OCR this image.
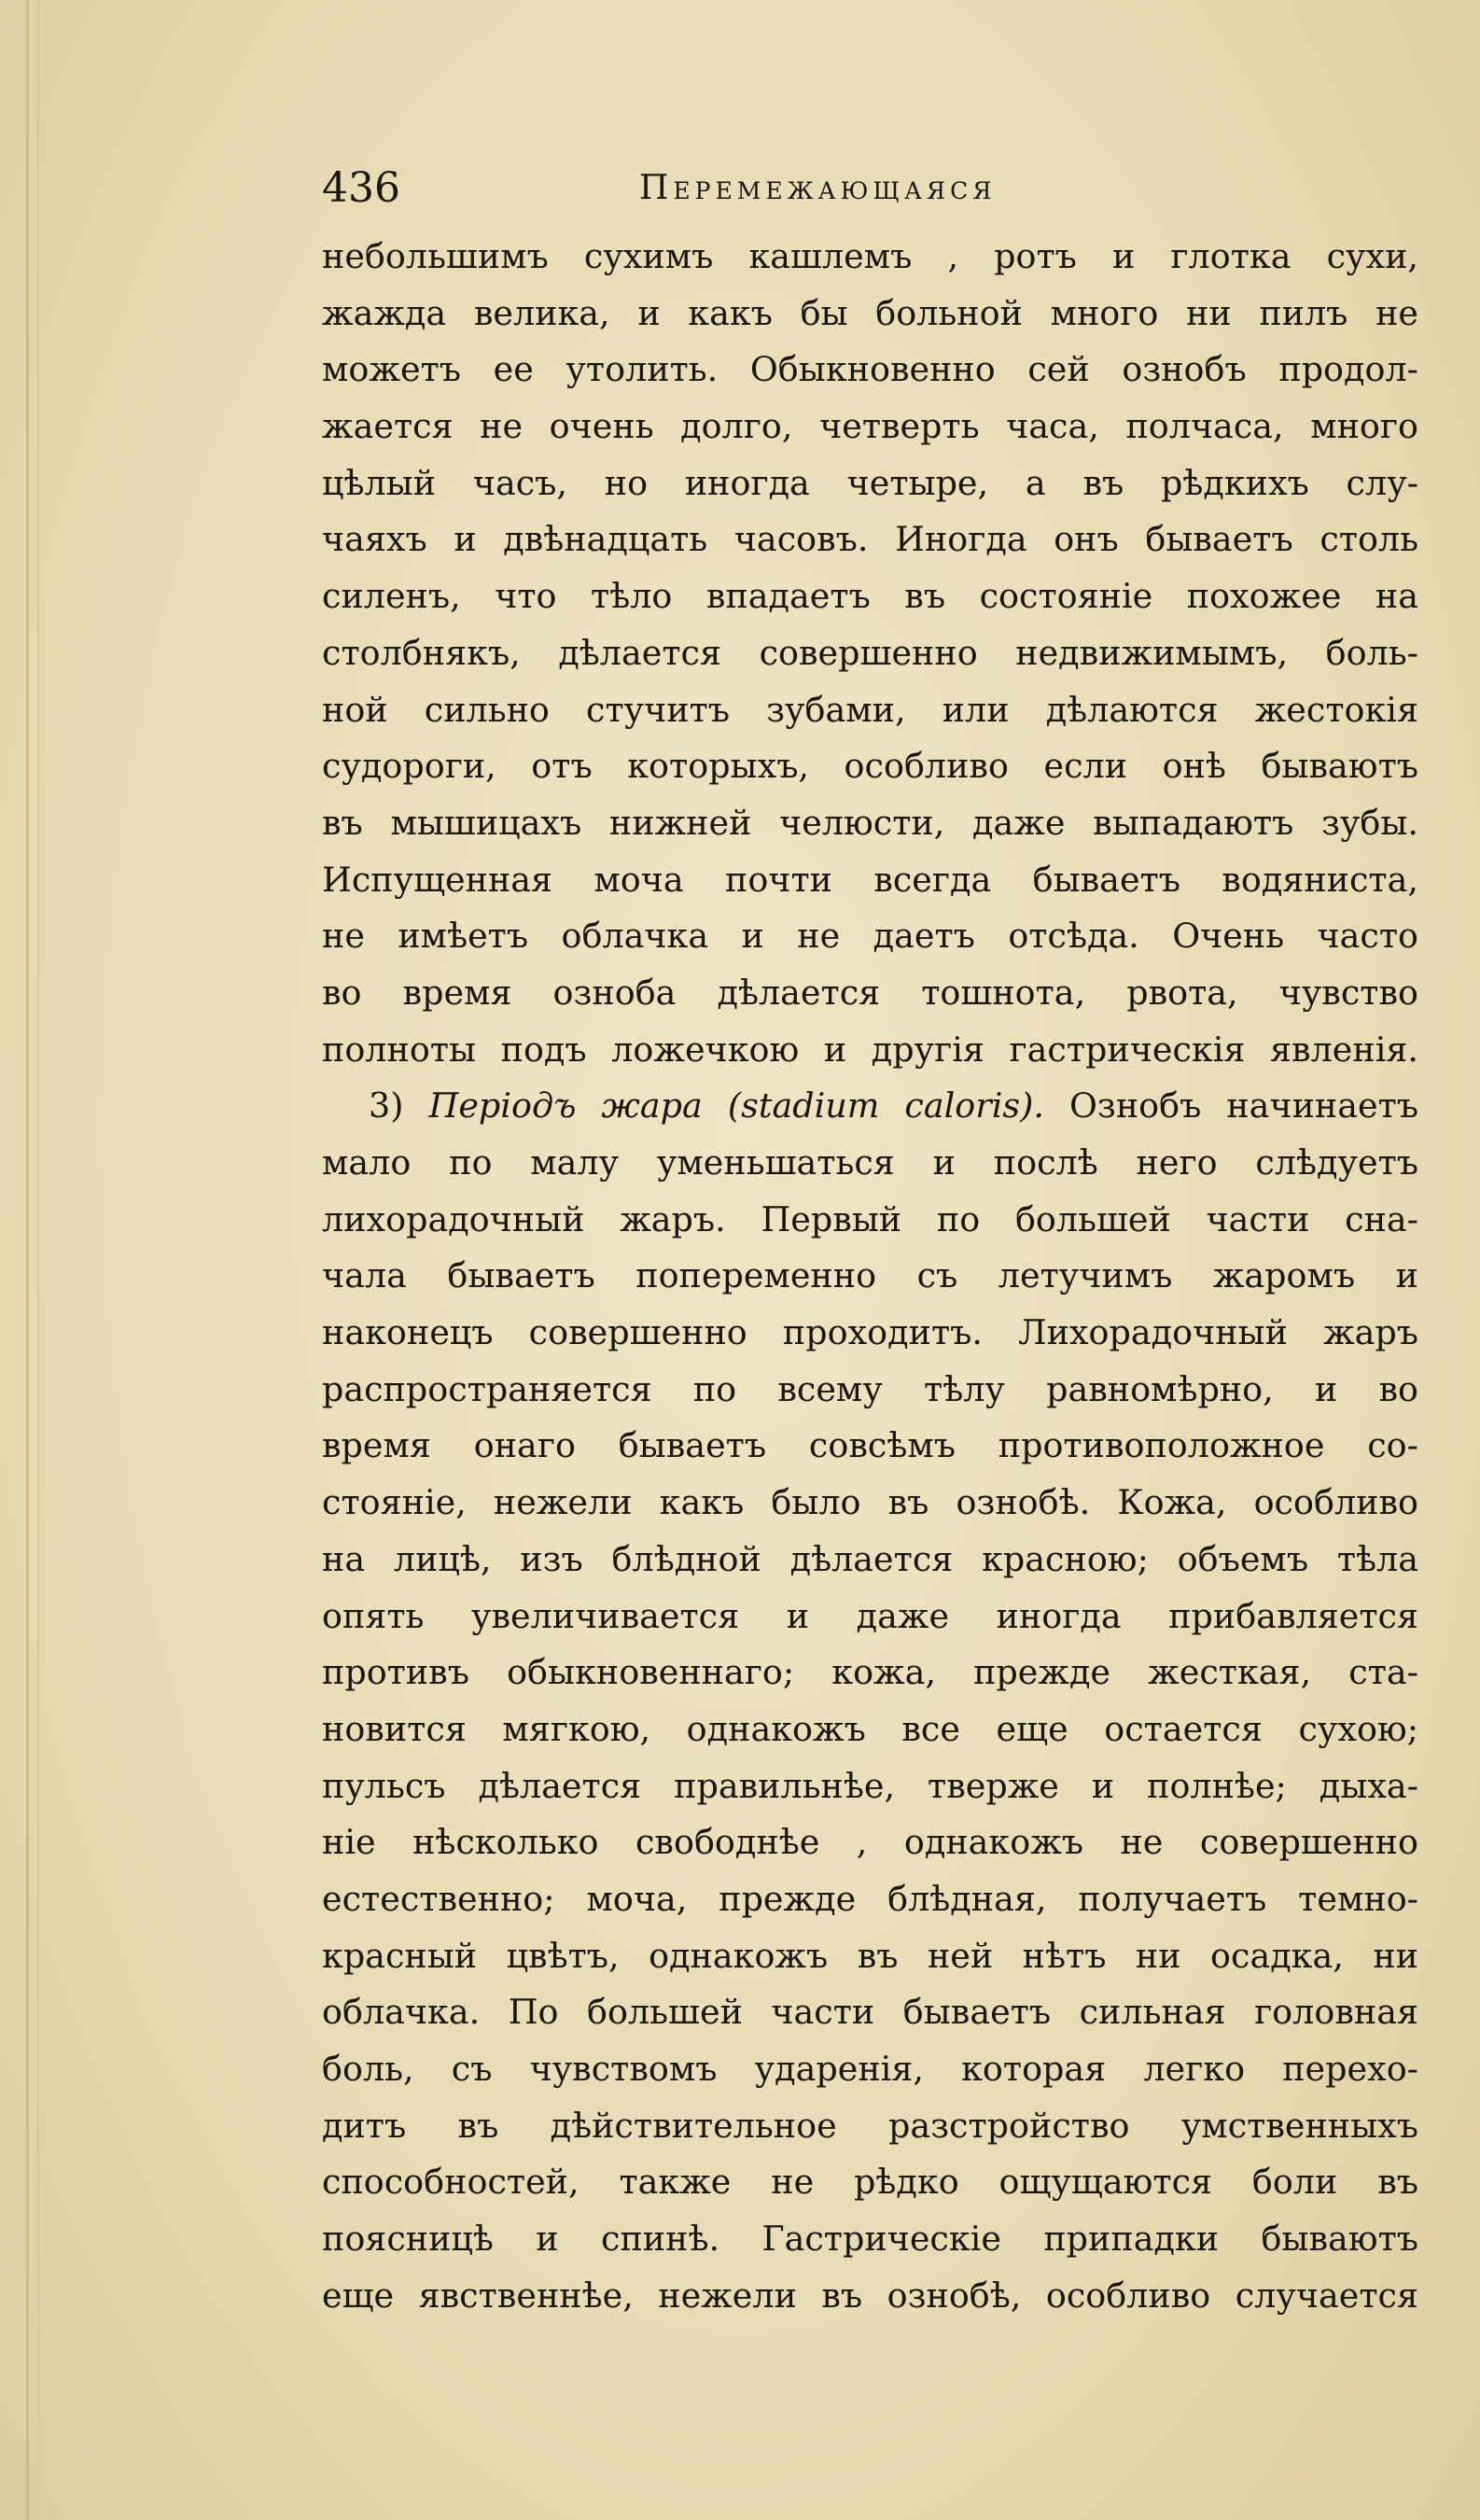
436	Перемежающаяся
небольшимъ сухимъ кашлемъ , ротъ и глотка сухи,
жажда велика, и какъ бы больной много ни пилъ не
можетъ ее утолить. Обыкновенно сей ознобъ продол-
жается не очень долго, четверть часа, полчаса, много
цѣлый часъ, но иногда четыре, а въ рѣдкихъ слу-
чаяхъ и двѣнадцать часовъ. Иногда онъ бываетъ столь
силенъ, что тѣло впадаетъ въ состояніе похожее на
столбнякъ, дѣлается совершенно недвижимымъ, боль-
ной сильно стучитъ зубами, или дѣлаются жестокія
судороги, отъ которыхъ, особливо если онѣ бываютъ
въ мышицахъ нижней челюсти, даже выпадаютъ зубы.
Испущенная моча почти всегда бываетъ водяниста,
не имѣетъ облачка и не даетъ отсѣда. Очень часто
во время озноба дѣлается тошнота, рвота, чувство
полноты подъ ложечкою и другія гастрическія явленія.
3) Періодъ жара (stadium caloris). Ознобъ начинаетъ
мало по малу уменьшаться и послѣ него слѣдуетъ
лихорадочный жаръ. Первый по большей части сна-
чала бываетъ попеременно съ летучимъ жаромъ и
наконецъ совершенно проходитъ. Лихорадочный жаръ
распространяется по всему тѣлу равномѣрно, и во
время онаго бываетъ совсѣмъ противоположное со-
стояніе, нежели какъ было въ ознобѣ. Кожа, особливо
на лицѣ, изъ блѣдной дѣлается красною; объемъ тѣла
опять увеличивается и даже иногда прибавляется
противъ обыкновеннаго; кожа, прежде жесткая, ста-
новится мягкою, однакожъ все еще остается сухою;
пульсъ дѣлается правильнѣе, тверже и полнѣе; дыха-
ніе нѣсколько свободнѣе , однакожъ не совершенно
естественно; моча, прежде блѣдная, получаетъ темно-
красный цвѣтъ, однакожъ въ ней нѣтъ ни осадка, ни
облачка. По большей части бываетъ сильная головная
боль, съ чувствомъ ударенія, которая легко перехо-
дитъ въ дѣйствительное разстройство умственныхъ
способностей, также не рѣдко ощущаются боли въ
поясницѣ и спинѣ. Гастрическіе припадки бываютъ
еще явственнѣе, нежели въ ознобѣ, особливо случается
